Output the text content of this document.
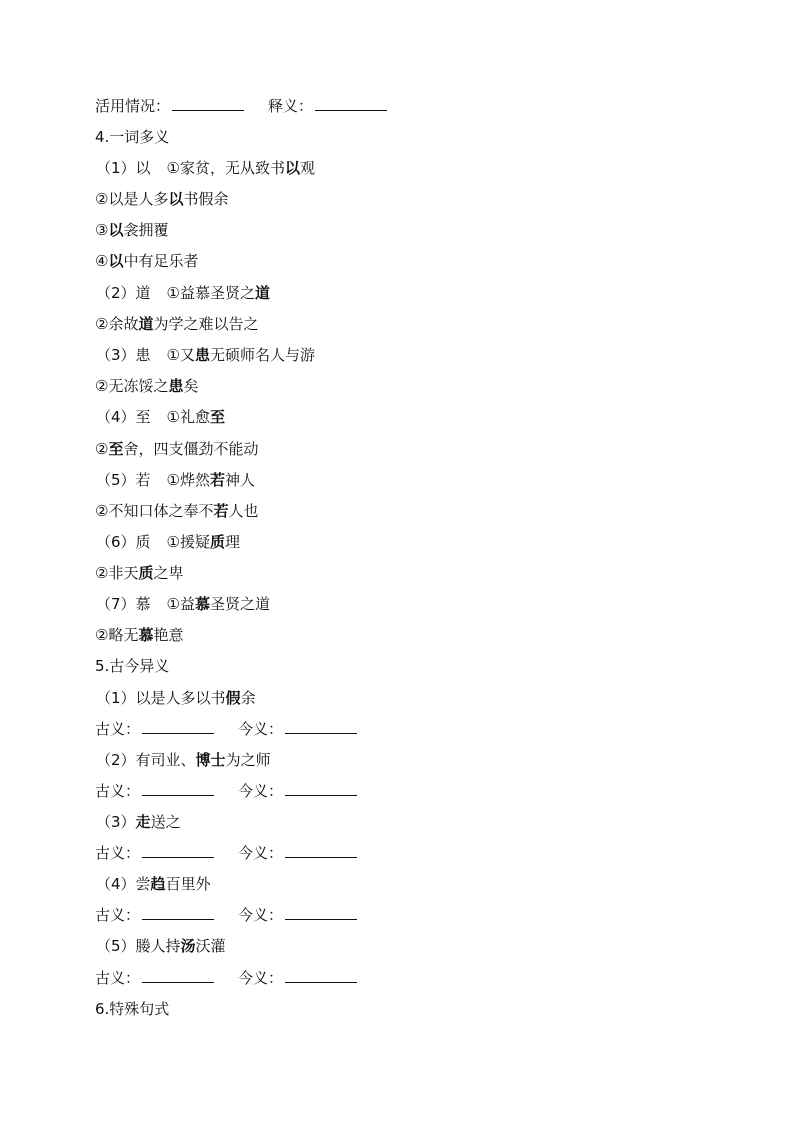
活用情况：	释义：
4.一词多义
（1）以 ①家贫，无从致书以观
②以是人多以书假余
③以衾拥覆
④以中有足乐者
（2）道 ①益慕圣贤之道
②余故道为学之难以告之
（3）患 ①又患无硕师名人与游
②无冻馁之患矣
（4）至 ①礼愈至
②至舍，四支僵劲不能动
（5）若 ①烨然若神人
②不知口体之奉不若人也
（6）质 ①援疑质理
②非天质之卑
（7）慕 ①益慕圣贤之道
②略无慕艳意
5.古今异义
（1）以是人多以书假余
古义：	今义：
（2）有司业、博士为之师
古义：	今义：
（3）走送之
古义：	今义：
（4）尝趋百里外
古义：	今义：
（5）媵人持汤沃灌
古义：	今义：
6.特殊句式
